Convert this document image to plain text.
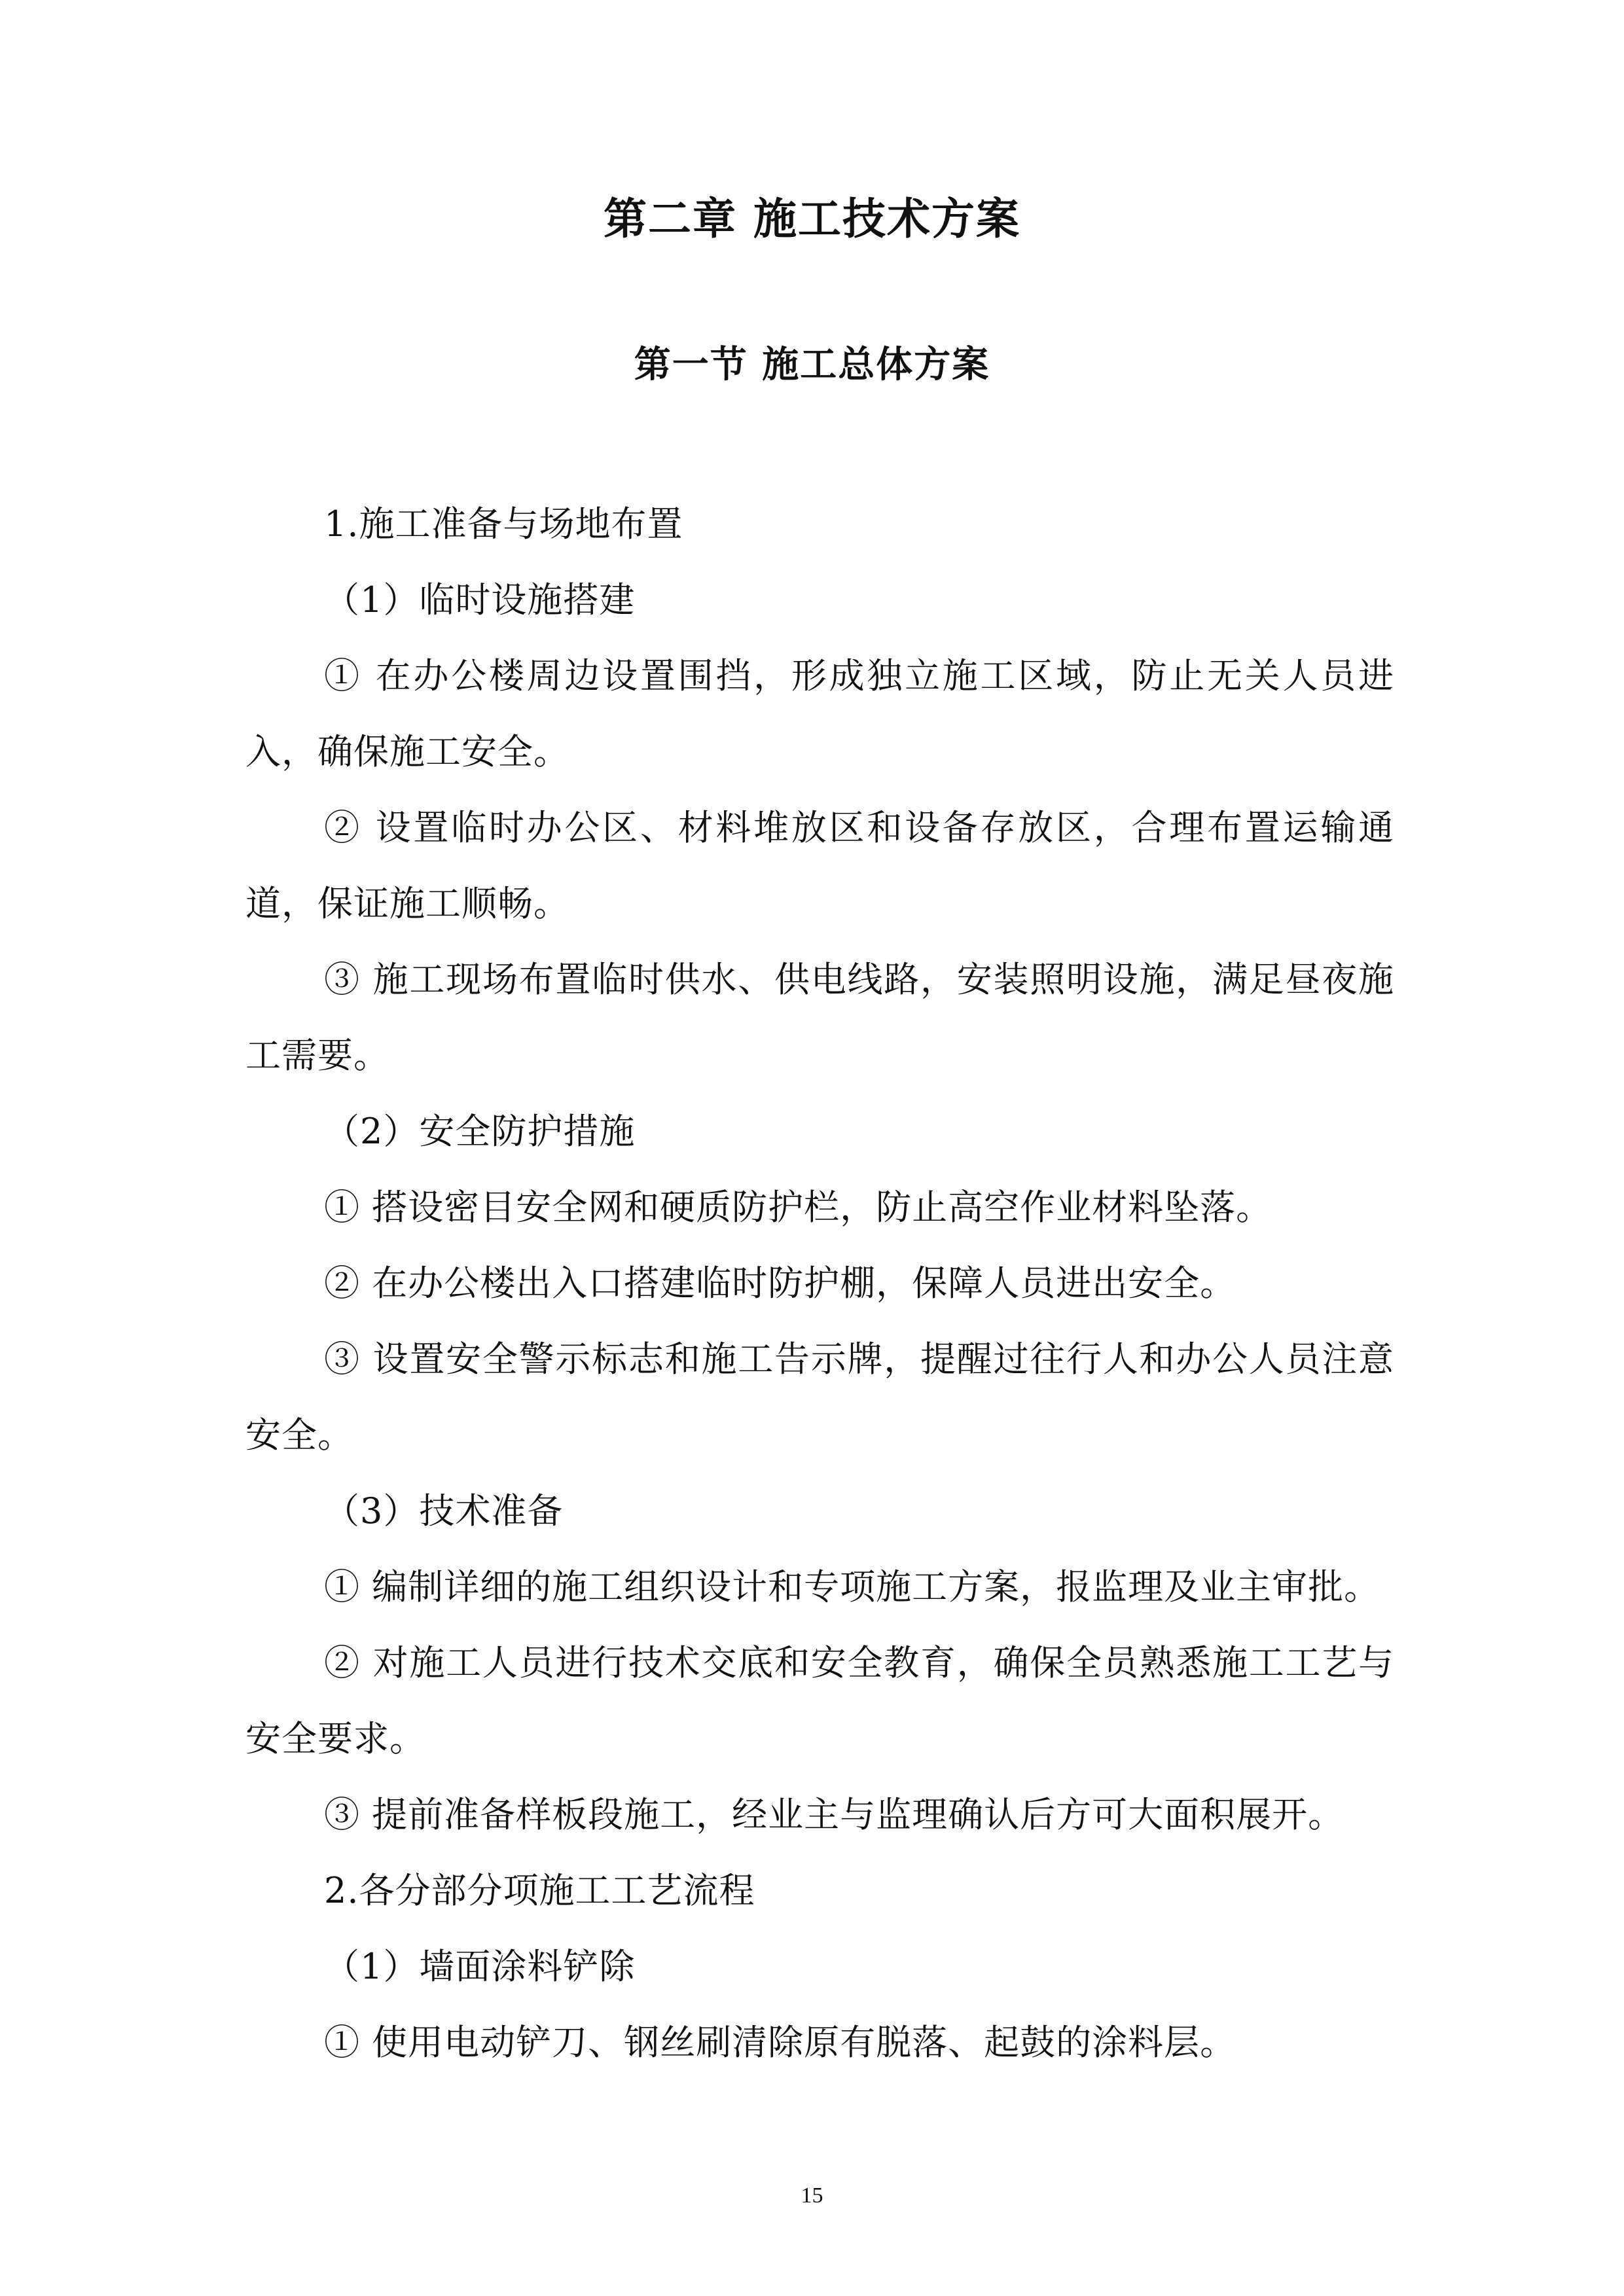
第二章 施工技术方案
第一节 施工总体方案

1.施工准备与场地布置

（1）临时设施搭建

① 在办公楼周边设置围挡，形成独立施工区域，防止无关人员进入，确保施工安全。

② 设置临时办公区、材料堆放区和设备存放区，合理布置运输通道，保证施工顺畅。

③ 施工现场布置临时供水、供电线路，安装照明设施，满足昼夜施工需要。

（2）安全防护措施

① 搭设密目安全网和硬质防护栏，防止高空作业材料坠落。

② 在办公楼出入口搭建临时防护棚，保障人员进出安全。

③ 设置安全警示标志和施工告示牌，提醒过往行人和办公人员注意安全。

（3）技术准备

① 编制详细的施工组织设计和专项施工方案，报监理及业主审批。

② 对施工人员进行技术交底和安全教育，确保全员熟悉施工工艺与安全要求。

③ 提前准备样板段施工，经业主与监理确认后方可大面积展开。

2.各分部分项施工工艺流程

（1）墙面涂料铲除

① 使用电动铲刀、钢丝刷清除原有脱落、起鼓的涂料层。

15
